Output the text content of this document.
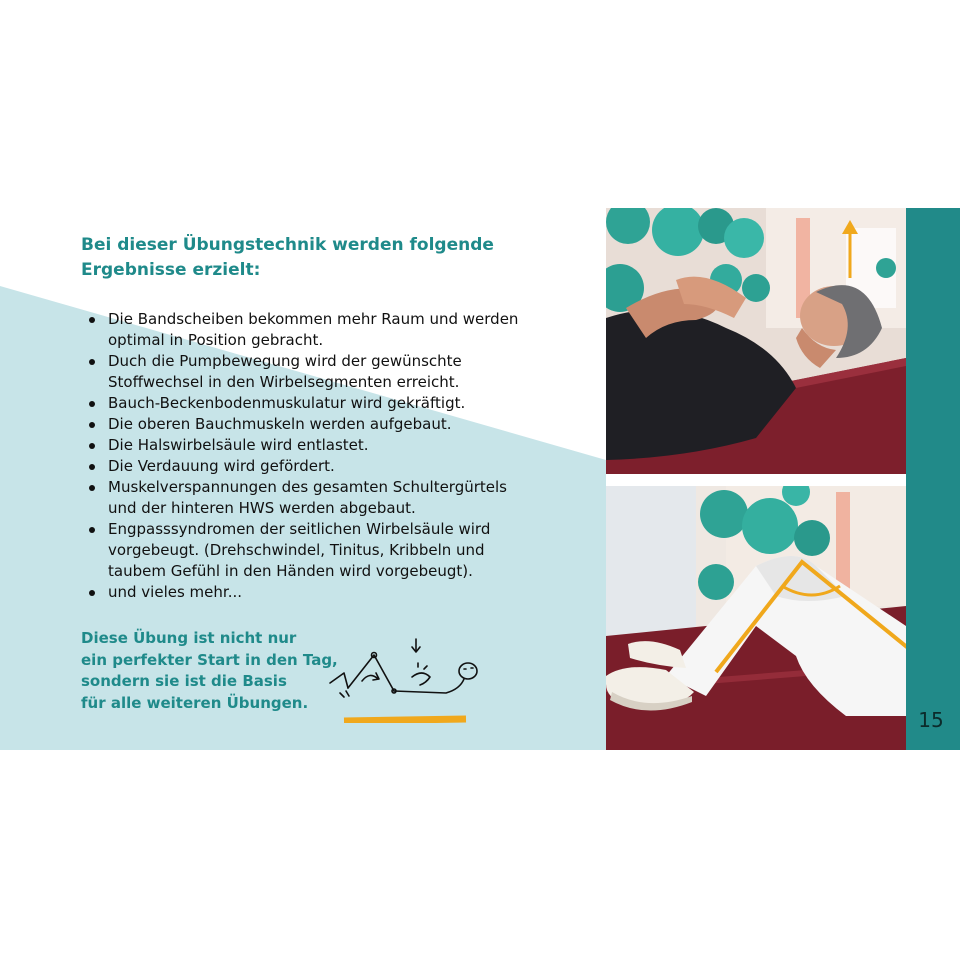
Bei dieser Übungstechnik werden folgende Ergebnisse erzielt:
Die Bandscheiben bekommen mehr Raum und werden optimal in Position gebracht.
Duch die Pumpbewegung wird der gewünschte Stoffwechsel in den Wirbelsegmenten erreicht.
Bauch-Beckenbodenmuskulatur wird gekräftigt.
Die oberen Bauchmuskeln werden aufgebaut.
Die Halswirbelsäule wird entlastet.
Die Verdauung wird gefördert.
Muskelverspannungen des gesamten Schultergürtels und der hinteren HWS werden abgebaut.
Engpasssyndromen der seitlichen Wirbelsäule wird vorgebeugt. (Drehschwindel, Tinitus, Kribbeln und taubem Gefühl in den Händen wird vorgebeugt).
und vieles mehr...

Diese Übung ist nicht nur
ein perfekter Start in den Tag,
sondern sie ist die Basis
für alle weiteren Übungen.

15
